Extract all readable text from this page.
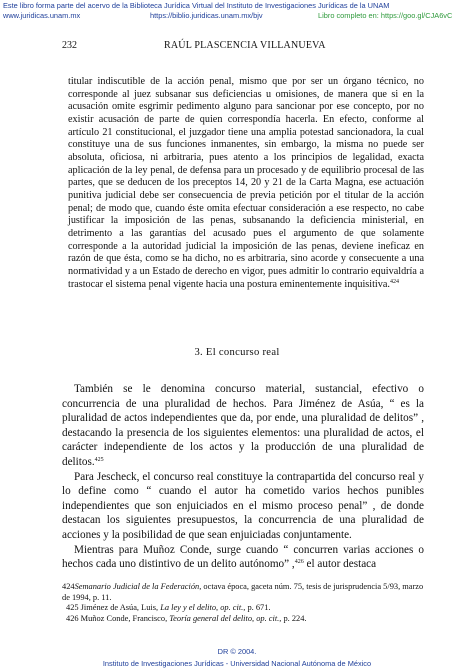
Este libro forma parte del acervo de la Biblioteca Jurídica Virtual del Instituto de Investigaciones Jurídicas de la UNAM
www.juridicas.unam.mx	https://biblio.juridicas.unam.mx/bjv	Libro completo en: https://goo.gl/CJA6vC
232	RAÚL PLASCENCIA VILLANUEVA

titular indiscutible de la acción penal, mismo que por ser un órgano técnico, no corresponde al juez subsanar sus deficiencias u omisiones, de manera que si en la acusación omite esgrimir pedimento alguno para sancionar por ese concepto, por no existir acusación de parte de quien correspondía hacerla. En efecto, conforme al artículo 21 constitucional, el juzgador tiene una amplia potestad sancionadora, la cual constituye una de sus funciones inmanentes, sin embargo, la misma no puede ser absoluta, oficiosa, ni arbitraria, pues atento a los principios de legalidad, exacta aplicación de la ley penal, de defensa para un procesado y de equilibrio procesal de las partes, que se deducen de los preceptos 14, 20 y 21 de la Carta Magna, ese actuación punitiva judicial debe ser consecuencia de previa petición por el titular de la acción penal; de modo que, cuando éste omita efectuar consideración a ese respecto, no cabe justificar la imposición de las penas, subsanando la deficiencia ministerial, en detrimento a las garantías del acusado pues el argumento de que solamente corresponde a la autoridad judicial la imposición de las penas, deviene ineficaz en razón de que ésta, como se ha dicho, no es arbitraria, sino acorde y consecuente a una normatividad y a un Estado de derecho en vigor, pues admitir lo contrario equivaldría a trastocar el sistema penal vigente hacia una postura eminentemente inquisitiva.$^{424}$

3. El concurso real

También se le denomina concurso material, sustancial, efectivo o concurrencia de una pluralidad de hechos. Para Jiménez de Asúa, “ es la pluralidad de actos independientes que da, por ende, una pluralidad de delitos” , destacando la presencia de los siguientes elementos: una pluralidad de actos, el carácter independiente de los actos y la producción de una pluralidad de delitos.$^{425}$

Para Jescheck, el concurso real constituye la contrapartida del concurso real y lo define como “ cuando el autor ha cometido varios hechos punibles independientes que son enjuiciados en el mismo proceso penal” , de donde destacan los siguientes presupuestos, la concurrencia de una pluralidad de acciones y la posibilidad de que sean enjuiciadas conjuntamente.

Mientras para Muñoz Conde, surge cuando “ concurren varias acciones o hechos cada uno distintivo de un delito autónomo” ,$^{426}$ el autor destaca

424Semanario Judicial de la Federación, octava época, gaceta núm. 75, tesis de jurisprudencia 5/93, marzo de 1994, p. 11.

425 Jiménez de Asúa, Luis, La ley y el delito, op. cit., p. 671.

426 Muñoz Conde, Francisco, Teoría general del delito, op. cit., p. 224.

DR © 2004.
Instituto de Investigaciones Jurídicas - Universidad Nacional Autónoma de México
